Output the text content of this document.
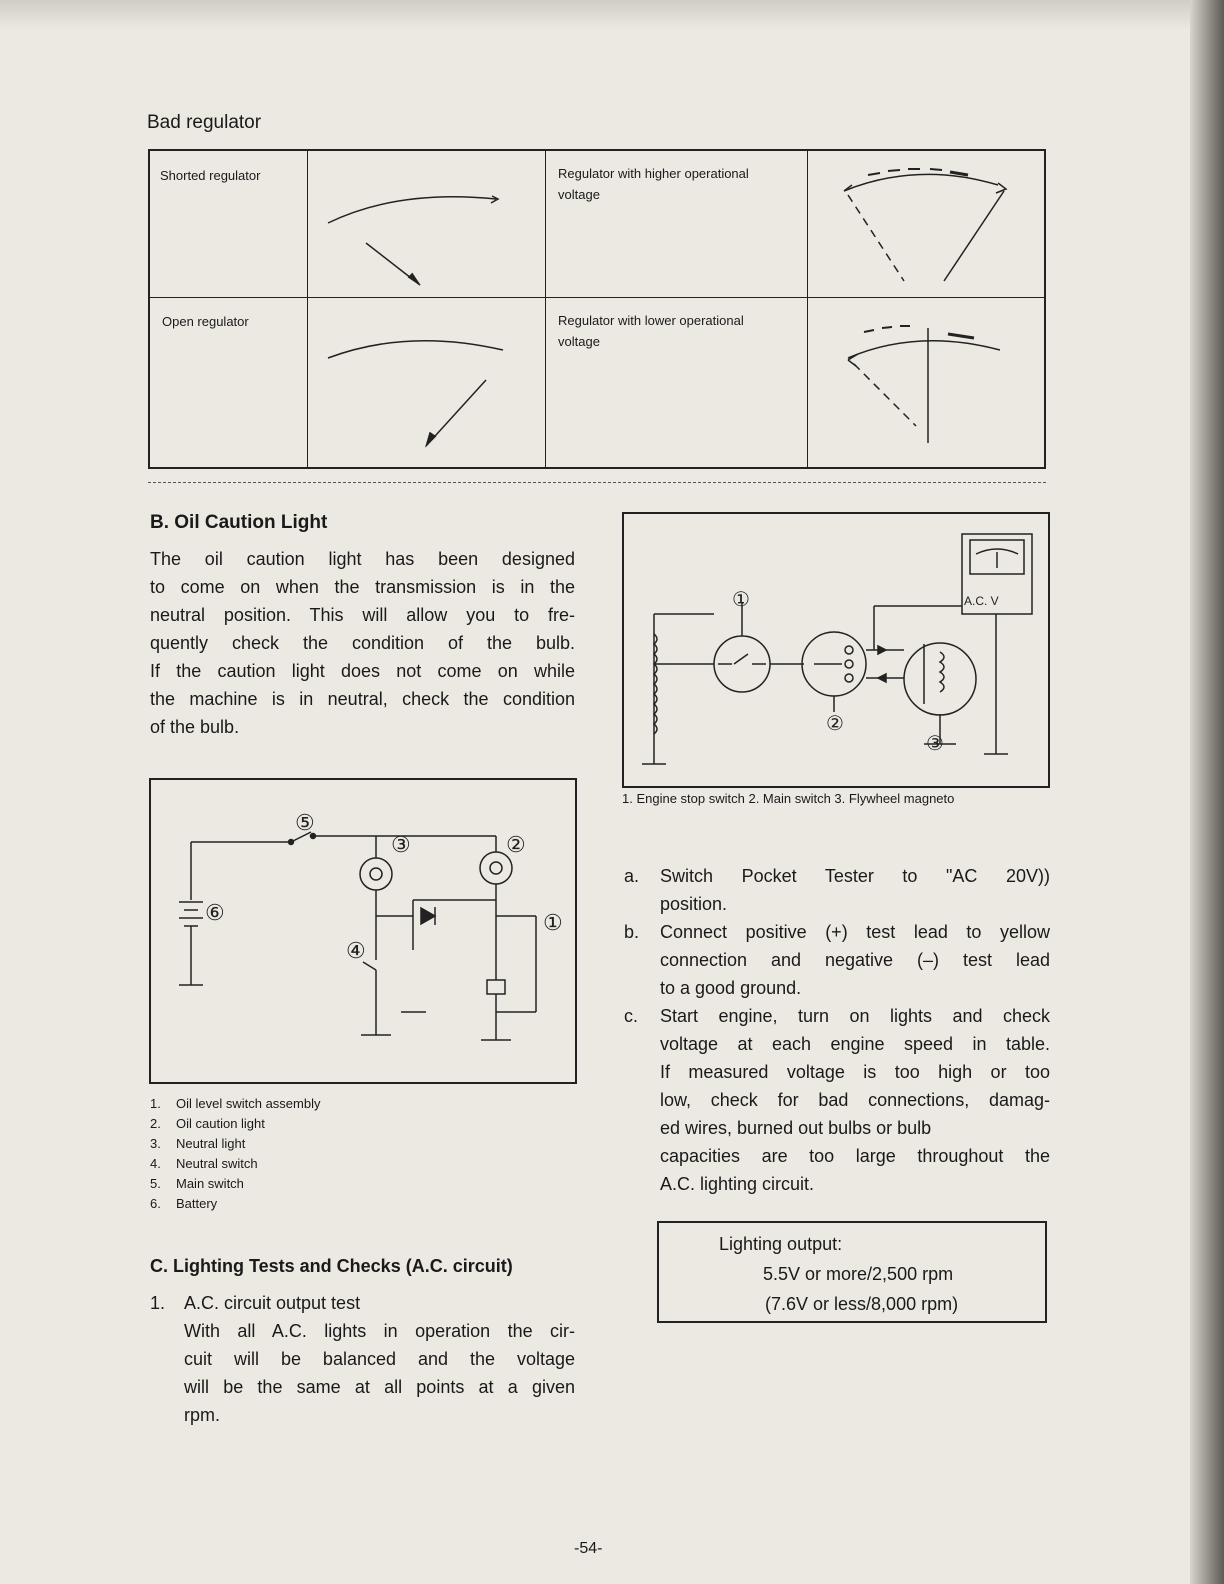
Bad regulator
Shorted regulator	Regulator with higher operational
voltage
Open regulator	Regulator with lower operational
voltage
B. Oil Caution Light
The oil caution light has been designed
to come on when the transmission is in the
neutral position. This will allow you to fre-
quently check the condition of the bulb.
If the caution light does not come on while
the machine is in neutral, check the condition
of the bulb.
⑤
③	②
⑥
④
①
1.	Oil level switch assembly
2.	Oil caution light
3.	Neutral light
4.	Neutral switch
5.	Main switch
6.	Battery
C. Lighting Tests and Checks (A.C. circuit)
1.	A.C. circuit output test
With all A.C. lights in operation the cir-
cuit will be balanced and the voltage
will be the same at all points at a given
rpm.
A.C. V
①
②
③
1. Engine stop switch 2. Main switch 3. Flywheel magneto
a.	Switch Pocket Tester to "AC 20V))
position.
b.	Connect positive (+) test lead to yellow
connection and negative (–) test lead
to a good ground.
c.	Start engine, turn on lights and check
voltage at each engine speed in table.
If measured voltage is too high or too
low, check for bad connections, damag-
ed wires, burned out bulbs or bulb
capacities are too large throughout the
A.C. lighting circuit.
Lighting output:
5.5V or more/2,500 rpm
(7.6V or less/8,000 rpm)
-54-
